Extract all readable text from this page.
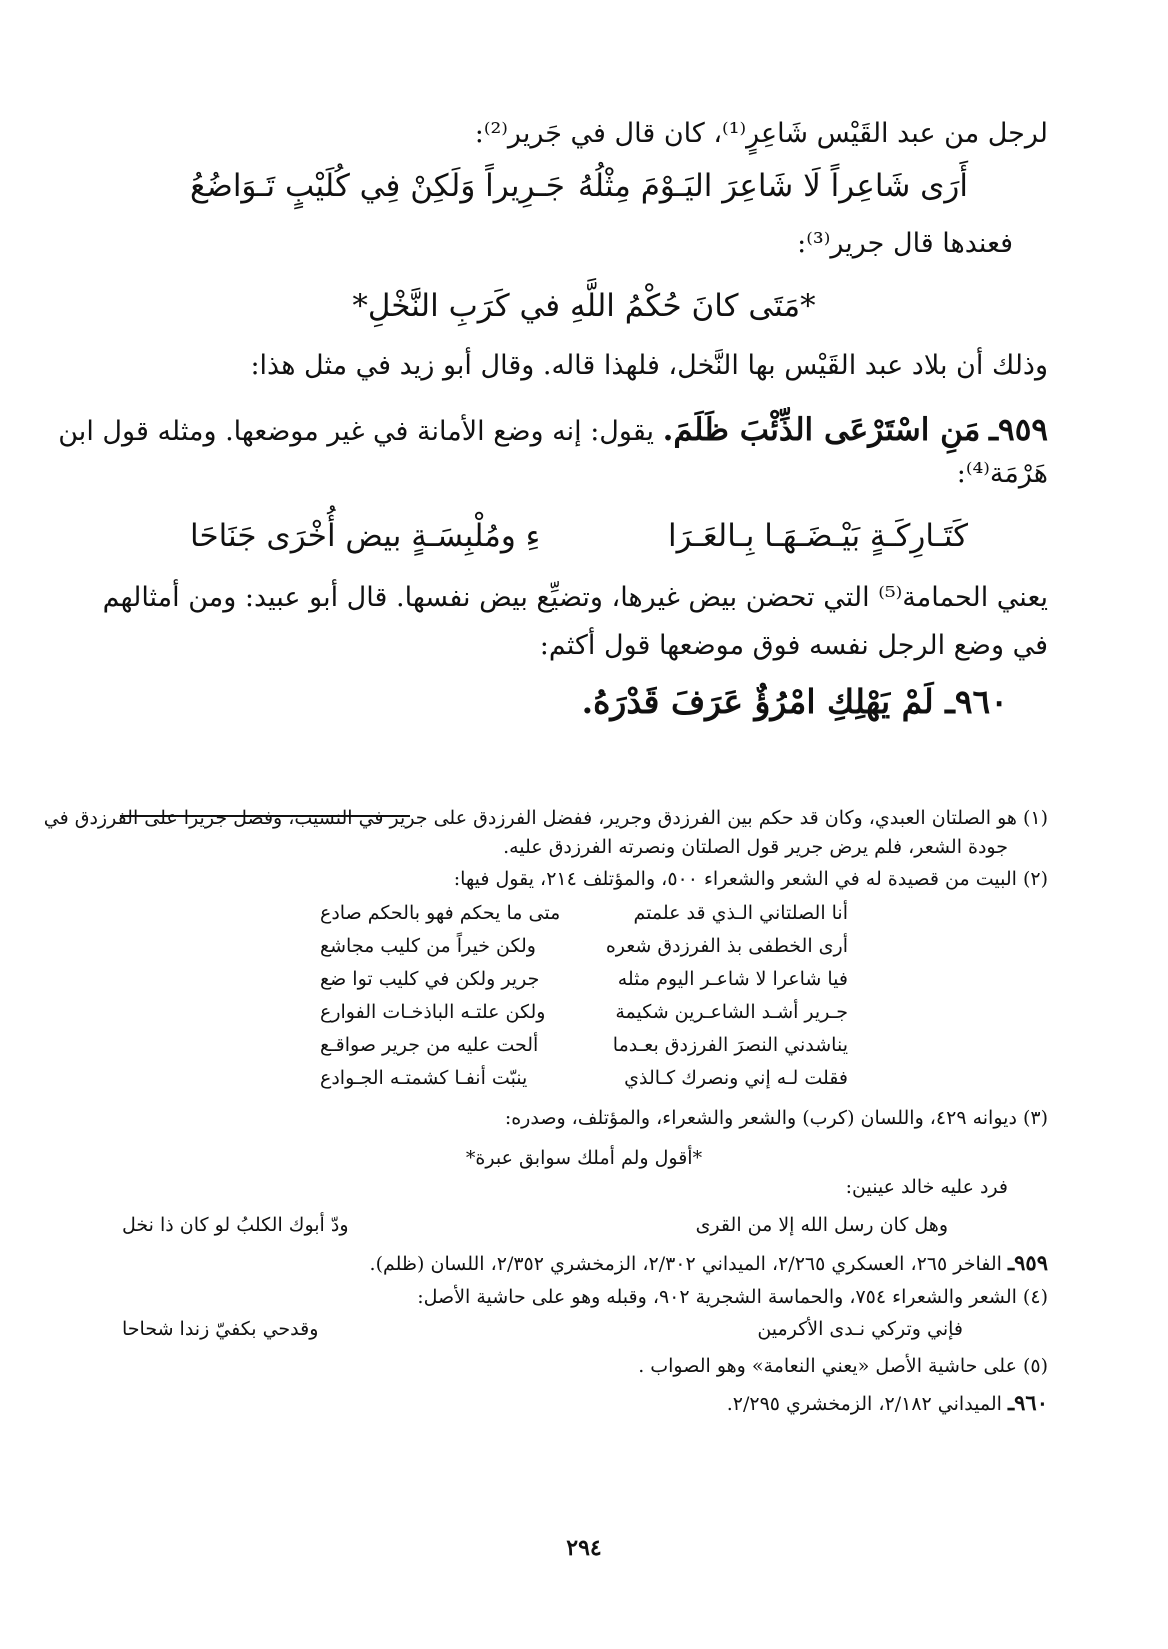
لرجل من عبد القَيْس شَاعِرٍ⁽¹⁾، كان قال في جَرير⁽²⁾:
أَرَى شَاعِراً لَا شَاعِرَ اليَـوْمَ مِثْلُهُ
جَـرِيراً وَلَكِنْ فِي كُلَيْبٍ تَـوَاضُعُ
فعندها قال جرير⁽³⁾:
*مَتَى كانَ حُكْمُ اللَّهِ في كَرَبِ النَّخْلِ*
وذلك أن بلاد عبد القَيْس بها النَّخل، فلهذا قاله. وقال أبو زيد في مثل هذا:
٩٥٩ـ مَنِ اسْتَرْعَى الذِّئْبَ ظَلَمَ. يقول: إنه وضع الأمانة في غير موضعها. ومثله قول ابن
هَرْمَة⁽⁴⁾:
كَتَـارِكَـةٍ بَيْـضَـهَـا بِـالعَـرَا
ءِ ومُلْبِسَـةٍ بيض أُخْرَى جَنَاحَا
يعني الحمامة⁽⁵⁾ التي تحضن بيض غيرها، وتضيِّع بيض نفسها. قال أبو عبيد: ومن أمثالهم
في وضع الرجل نفسه فوق موضعها قول أكثم:
٩٦٠ـ لَمْ يَهْلِكِ امْرُؤٌ عَرَفَ قَدْرَهُ.
(١) هو الصلتان العبدي، وكان قد حكم بين الفرزدق وجرير، ففضل الفرزدق على جرير في النسيب، وفضل جريرا على الفرزدق في
جودة الشعر، فلم يرض جرير قول الصلتان ونصرته الفرزدق عليه.
(٢) البيت من قصيدة له في الشعر والشعراء ٥٠٠، والمؤتلف ٢١٤، يقول فيها:
أنا الصلتاني الـذي قد علمتم
متى ما يحكم فهو بالحكم صادع
أرى الخطفى بذ الفرزدق شعره
ولكن خيراً من كليب مجاشع
فيا شاعرا لا شاعـر اليوم مثله
جرير ولكن في كليب توا ضع
جـرير أشـد الشاعـرين شكيمة
ولكن علتـه الباذخـات الفوارع
يناشدني النصرَ الفرزدق بعـدما
ألحت عليه من جرير صواقـع
فقلت لـه إني ونصرك كـالذي
ينبّت أنفـا كشمتـه الجـوادع
(٣) ديوانه ٤٢٩، واللسان (كرب) والشعر والشعراء، والمؤتلف، وصدره:
*أقول ولم أملك سوابق عبرة*
فرد عليه خالد عينين:
وهل كان رسل الله إلا من القرى
ودّ أبوك الكلبُ لو كان ذا نخل
٩٥٩ـ الفاخر ٢٦٥، العسكري ٢/٢٦٥، الميداني ٢/٣٠٢، الزمخشري ٢/٣٥٢، اللسان (ظلم).
(٤) الشعر والشعراء ٧٥٤، والحماسة الشجرية ٩٠٢، وقبله وهو على حاشية الأصل:
فإني وتركي نـدى الأكرمين
وقدحي بكفيّ زندا شحاحا
(٥) على حاشية الأصل «يعني النعامة» وهو الصواب .
٩٦٠ـ الميداني ٢/١٨٢، الزمخشري ٢/٢٩٥.
٢٩٤
